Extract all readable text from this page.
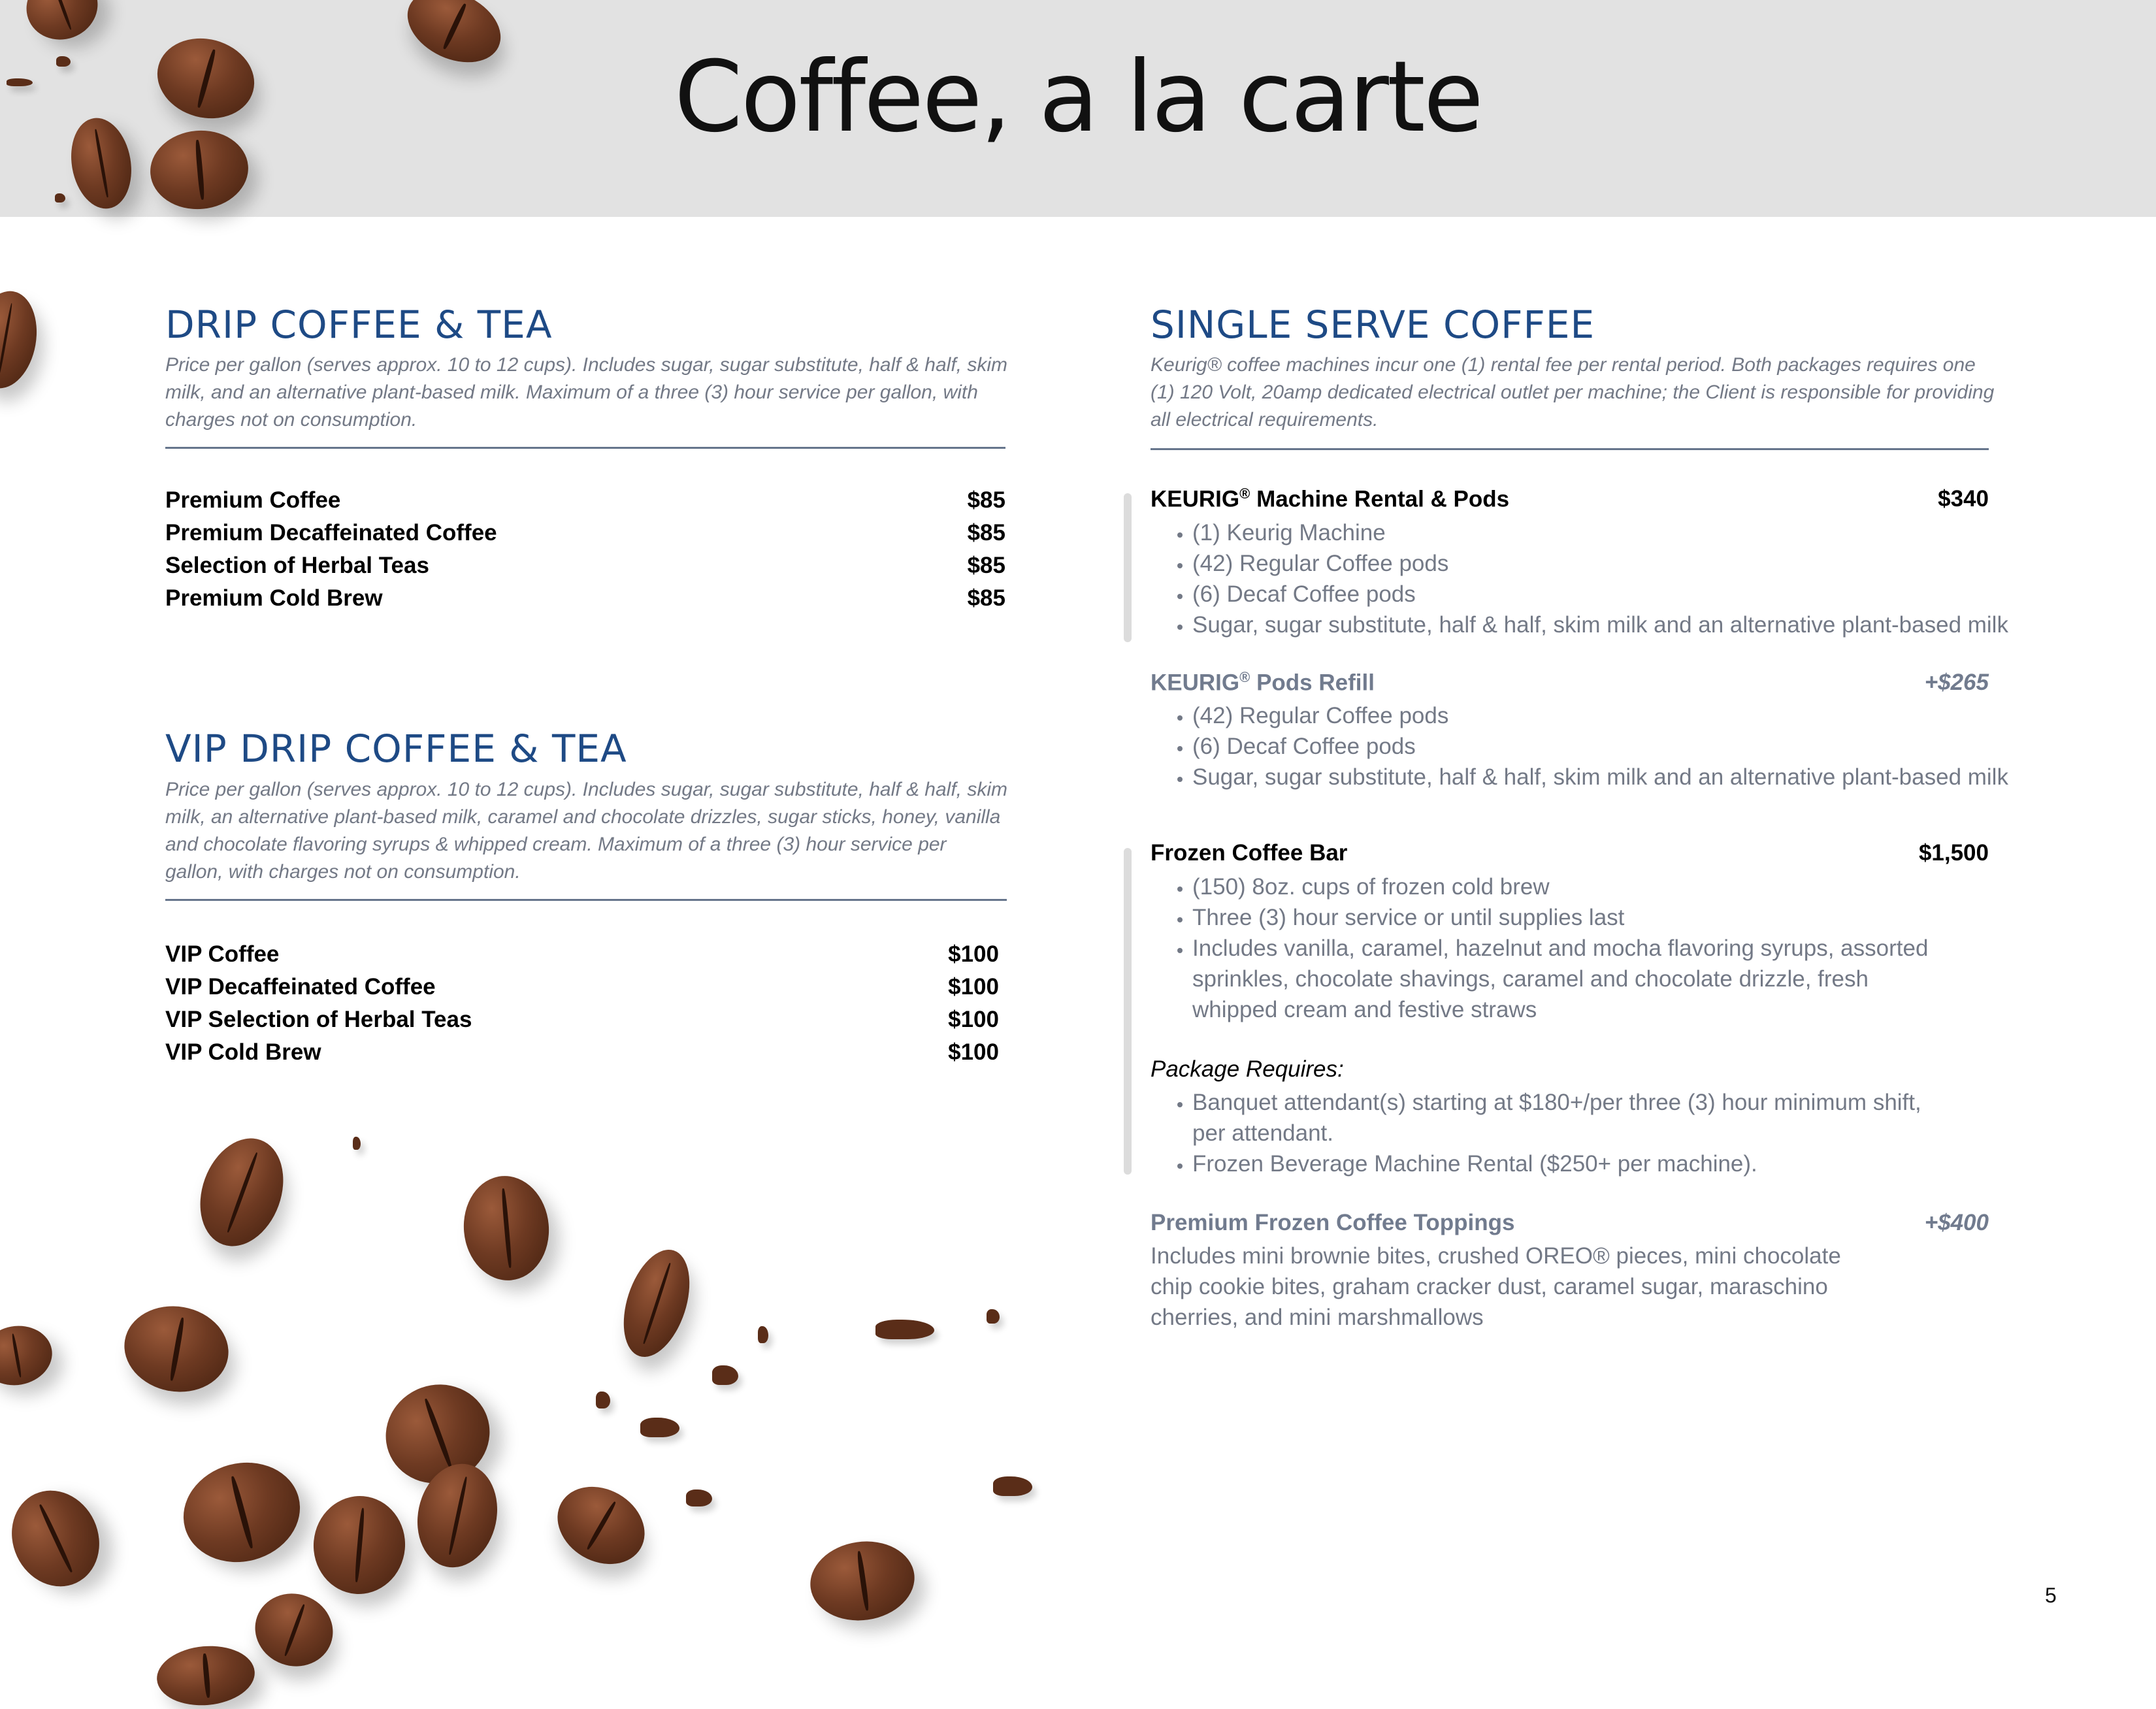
Coffee, a la carte
DRIP COFFEE & TEA
Price per gallon (serves approx. 10 to 12 cups). Includes sugar, sugar substitute, half & half, skim milk, and an alternative plant-based milk. Maximum of a three (3) hour service per gallon, with charges not on consumption.
Premium Coffee	$85
Premium Decaffeinated Coffee	$85
Selection of Herbal Teas	$85
Premium Cold Brew	$85
VIP DRIP COFFEE & TEA
Price per gallon (serves approx. 10 to 12 cups). Includes sugar, sugar substitute, half & half, skim milk, an alternative plant-based milk, caramel and chocolate drizzles, sugar sticks, honey, vanilla and chocolate flavoring syrups & whipped cream. Maximum of a three (3) hour service per gallon, with charges not on consumption.
VIP Coffee	$100
VIP Decaffeinated Coffee	$100
VIP Selection of Herbal Teas	$100
VIP Cold Brew	$100
SINGLE SERVE COFFEE
Keurig® coffee machines incur one (1) rental fee per rental period. Both packages requires one (1) 120 Volt, 20amp dedicated electrical outlet per machine; the Client is responsible for providing all electrical requirements.
KEURIG® Machine Rental & Pods	$340
• (1) Keurig Machine
• (42) Regular Coffee pods
• (6) Decaf Coffee pods
• Sugar, sugar substitute, half & half, skim milk and an alternative plant-based milk
KEURIG® Pods Refill	+$265
• (42) Regular Coffee pods
• (6) Decaf Coffee pods
• Sugar, sugar substitute, half & half, skim milk and an alternative plant-based milk
Frozen Coffee Bar	$1,500
• (150) 8oz. cups of frozen cold brew
• Three (3) hour service or until supplies last
• Includes vanilla, caramel, hazelnut and mocha flavoring syrups, assorted sprinkles, chocolate shavings, caramel and chocolate drizzle, fresh whipped cream and festive straws
Package Requires:
• Banquet attendant(s) starting at $180+/per three (3) hour minimum shift, per attendant.
• Frozen Beverage Machine Rental ($250+ per machine).
Premium Frozen Coffee Toppings	+$400
Includes mini brownie bites, crushed OREO® pieces, mini chocolate chip cookie bites, graham cracker dust, caramel sugar, maraschino cherries, and mini marshmallows
5
